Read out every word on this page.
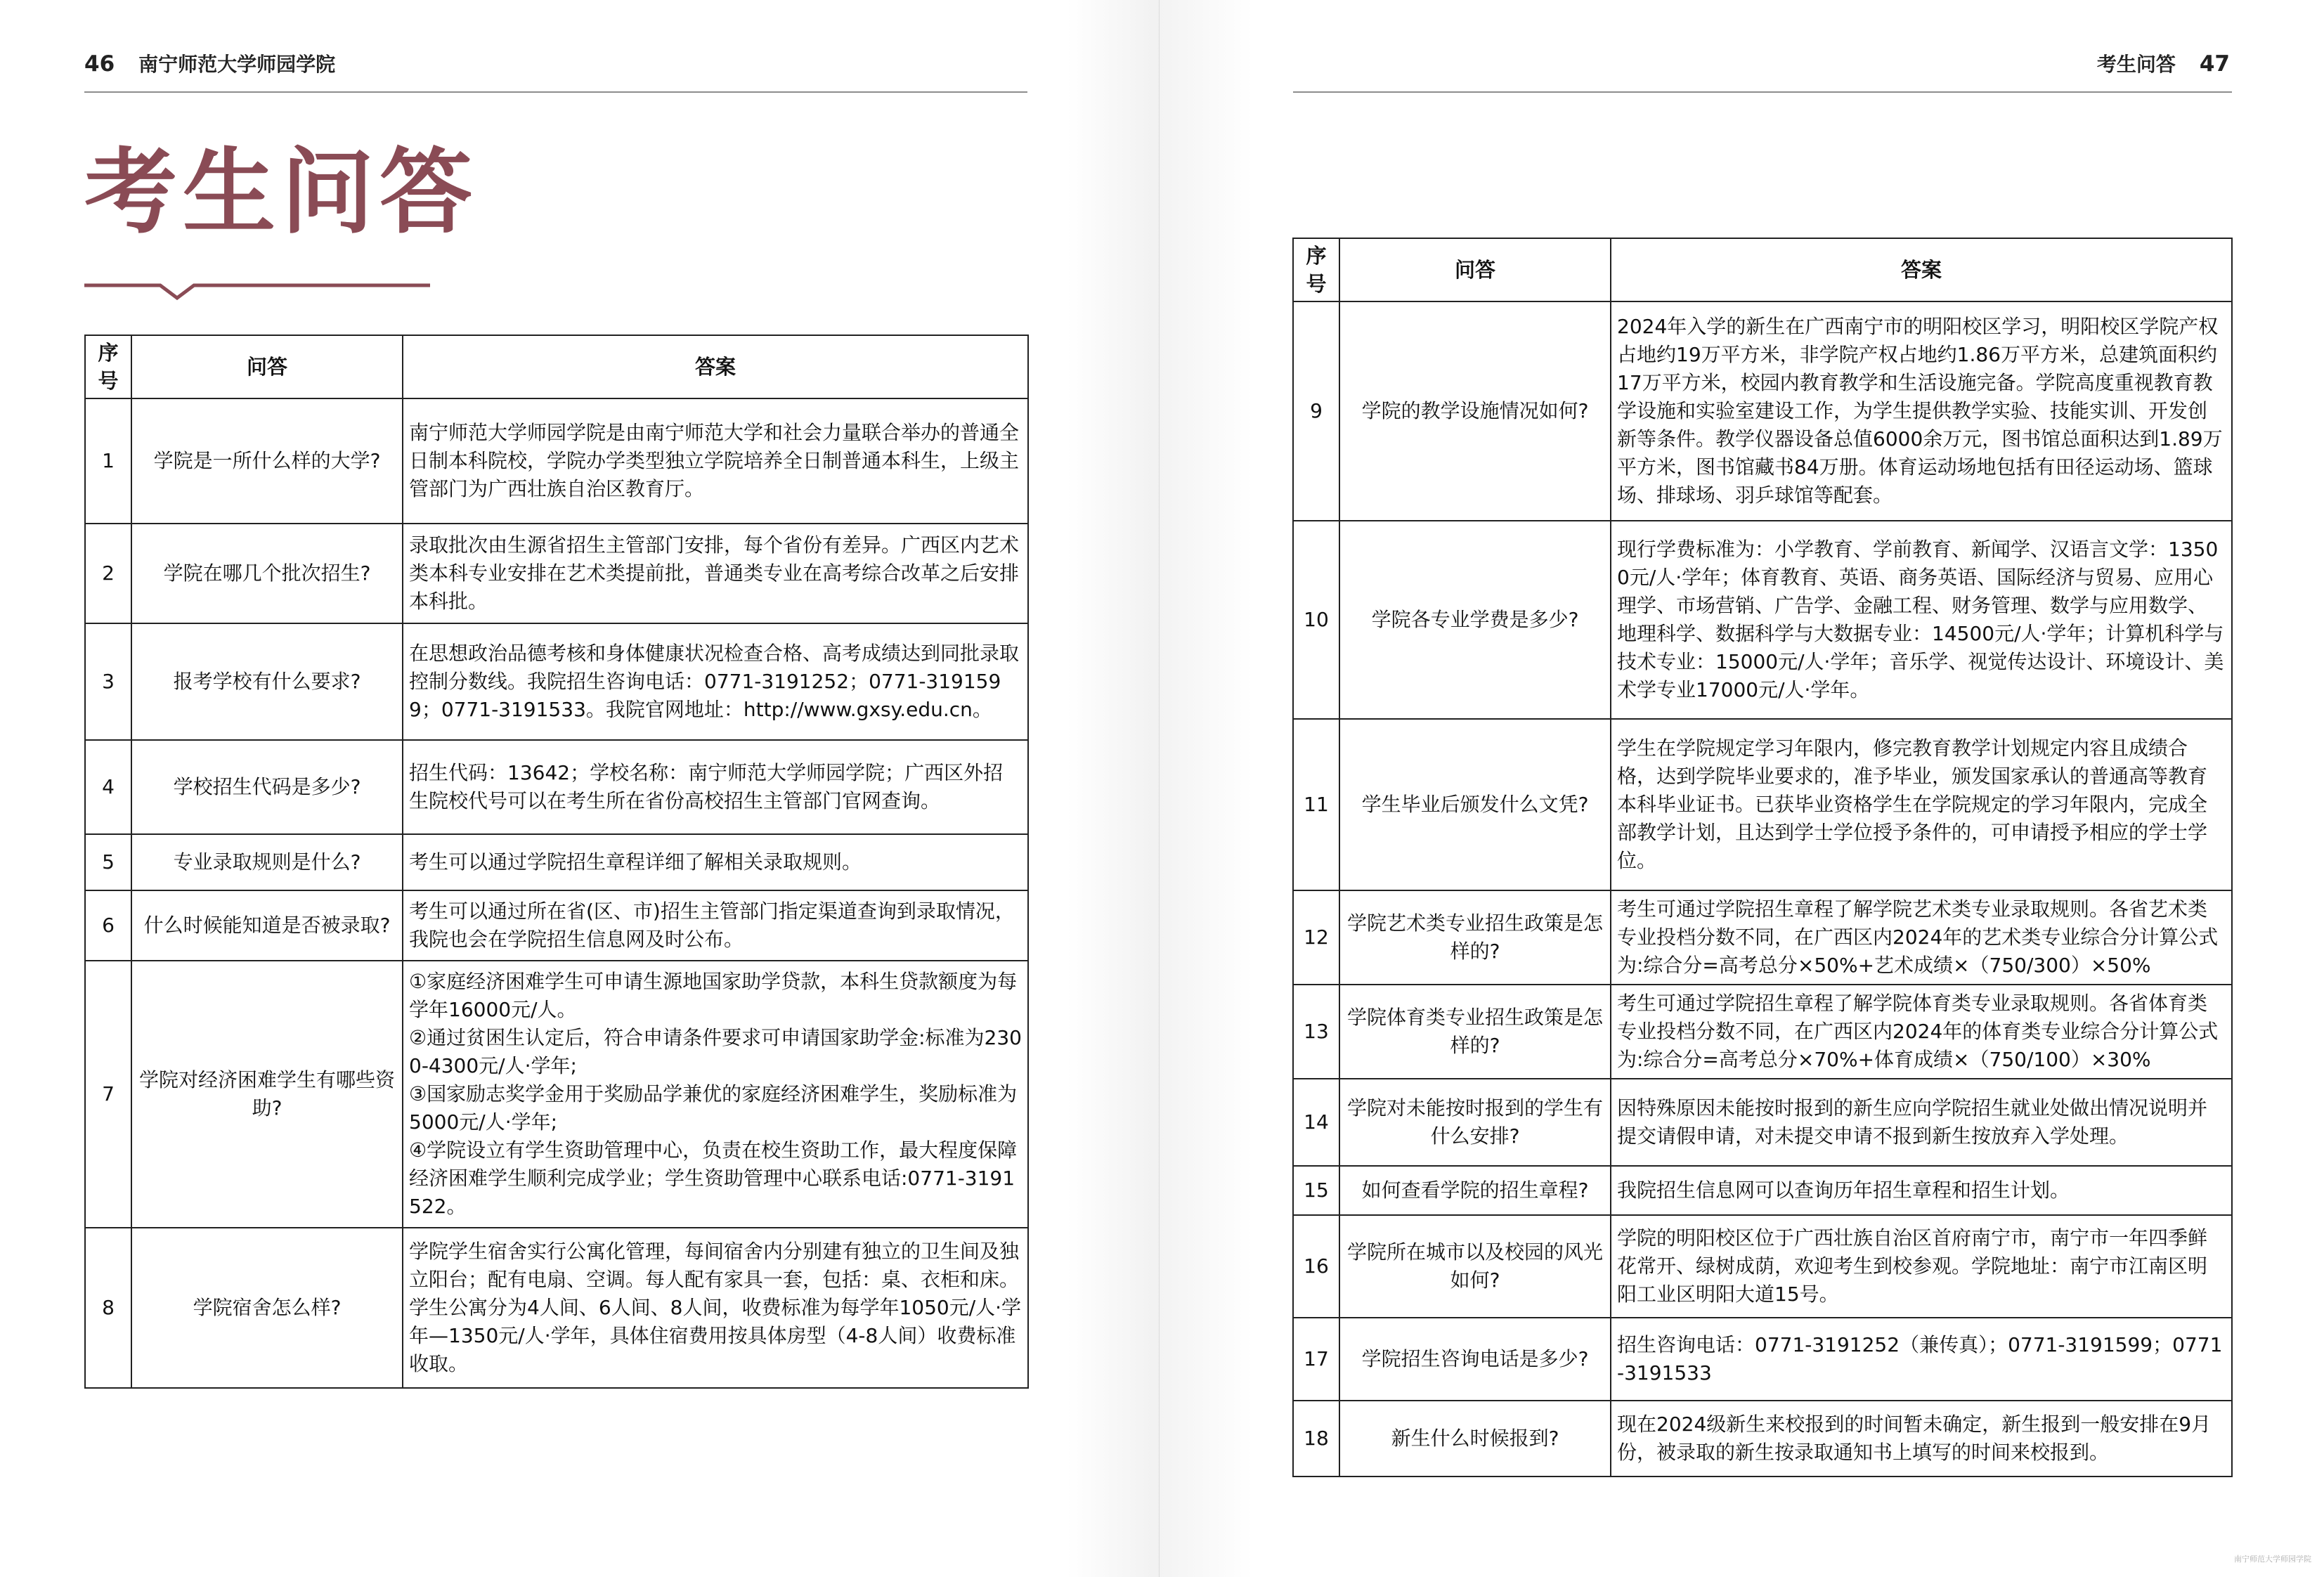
46 南宁师范大学师园学院
考生问答
序号	问答	答案
1	学院是一所什么样的大学?	南宁师范大学师园学院是由南宁师范大学和社会力量联合举办的普通全日制本科院校，学院办学类型独立学院培养全日制普通本科生，上级主管部门为广西壮族自治区教育厅。
2	学院在哪几个批次招生?	录取批次由生源省招生主管部门安排，每个省份有差异。广西区内艺术类本科专业安排在艺术类提前批，普通类专业在高考综合改革之后安排本科批。
3	报考学校有什么要求?	在思想政治品德考核和身体健康状况检查合格、高考成绩达到同批录取控制分数线。我院招生咨询电话：0771-3191252；0771-3191599；0771-3191533。我院官网地址：http://www.gxsy.edu.cn。
4	学校招生代码是多少?	招生代码：13642；学校名称：南宁师范大学师园学院；广西区外招生院校代号可以在考生所在省份高校招生主管部门官网查询。
5	专业录取规则是什么?	考生可以通过学院招生章程详细了解相关录取规则。
6	什么时候能知道是否被录取?	考生可以通过所在省(区、市)招生主管部门指定渠道查询到录取情况，我院也会在学院招生信息网及时公布。
7	学院对经济困难学生有哪些资助?	①家庭经济困难学生可申请生源地国家助学贷款，本科生贷款额度为每学年16000元/人。
②通过贫困生认定后，符合申请条件要求可申请国家助学金:标准为2300-4300元/人·学年;
③国家励志奖学金用于奖励品学兼优的家庭经济困难学生，奖励标准为5000元/人·学年;
④学院设立有学生资助管理中心，负责在校生资助工作，最大程度保障经济困难学生顺利完成学业；学生资助管理中心联系电话:0771-3191522。
8	学院宿舍怎么样?	学院学生宿舍实行公寓化管理，每间宿舍内分别建有独立的卫生间及独立阳台；配有电扇、空调。每人配有家具一套，包括：桌、衣柜和床。学生公寓分为4人间、6人间、8人间，收费标准为每学年1050元/人·学年—1350元/人·学年，具体住宿费用按具体房型（4-8人间）收费标准收取。
考生问答 47
序号	问答	答案
9	学院的教学设施情况如何?	2024年入学的新生在广西南宁市的明阳校区学习，明阳校区学院产权占地约19万平方米，非学院产权占地约1.86万平方米，总建筑面积约17万平方米，校园内教育教学和生活设施完备。学院高度重视教育教学设施和实验室建设工作，为学生提供教学实验、技能实训、开发创新等条件。教学仪器设备总值6000余万元，图书馆总面积达到1.89万平方米，图书馆藏书84万册。体育运动场地包括有田径运动场、篮球场、排球场、羽乒球馆等配套。
10	学院各专业学费是多少?	现行学费标准为：小学教育、学前教育、新闻学、汉语言文学：13500元/人·学年；体育教育、英语、商务英语、国际经济与贸易、应用心理学、市场营销、广告学、金融工程、财务管理、数学与应用数学、地理科学、数据科学与大数据专业：14500元/人·学年；计算机科学与技术专业：15000元/人·学年；音乐学、视觉传达设计、环境设计、美术学专业17000元/人·学年。
11	学生毕业后颁发什么文凭?	学生在学院规定学习年限内，修完教育教学计划规定内容且成绩合格，达到学院毕业要求的，准予毕业，颁发国家承认的普通高等教育本科毕业证书。已获毕业资格学生在学院规定的学习年限内，完成全部教学计划，且达到学士学位授予条件的，可申请授予相应的学士学位。
12	学院艺术类专业招生政策是怎样的?	考生可通过学院招生章程了解学院艺术类专业录取规则。各省艺术类专业投档分数不同，在广西区内2024年的艺术类专业综合分计算公式为:综合分=高考总分×50%+艺术成绩×（750/300）×50%
13	学院体育类专业招生政策是怎样的?	考生可通过学院招生章程了解学院体育类专业录取规则。各省体育类专业投档分数不同，在广西区内2024年的体育类专业综合分计算公式为:综合分=高考总分×70%+体育成绩×（750/100）×30%
14	学院对未能按时报到的学生有什么安排?	因特殊原因未能按时报到的新生应向学院招生就业处做出情况说明并提交请假申请，对未提交申请不报到新生按放弃入学处理。
15	如何查看学院的招生章程?	我院招生信息网可以查询历年招生章程和招生计划。
16	学院所在城市以及校园的风光如何?	学院的明阳校区位于广西壮族自治区首府南宁市，南宁市一年四季鲜花常开、绿树成荫，欢迎考生到校参观。学院地址：南宁市江南区明阳工业区明阳大道15号。
17	学院招生咨询电话是多少?	招生咨询电话：0771-3191252（兼传真）；0771-3191599；0771-3191533
18	新生什么时候报到?	现在2024级新生来校报到的时间暂未确定，新生报到一般安排在9月份，被录取的新生按录取通知书上填写的时间来校报到。
南宁师范大学师园学院
